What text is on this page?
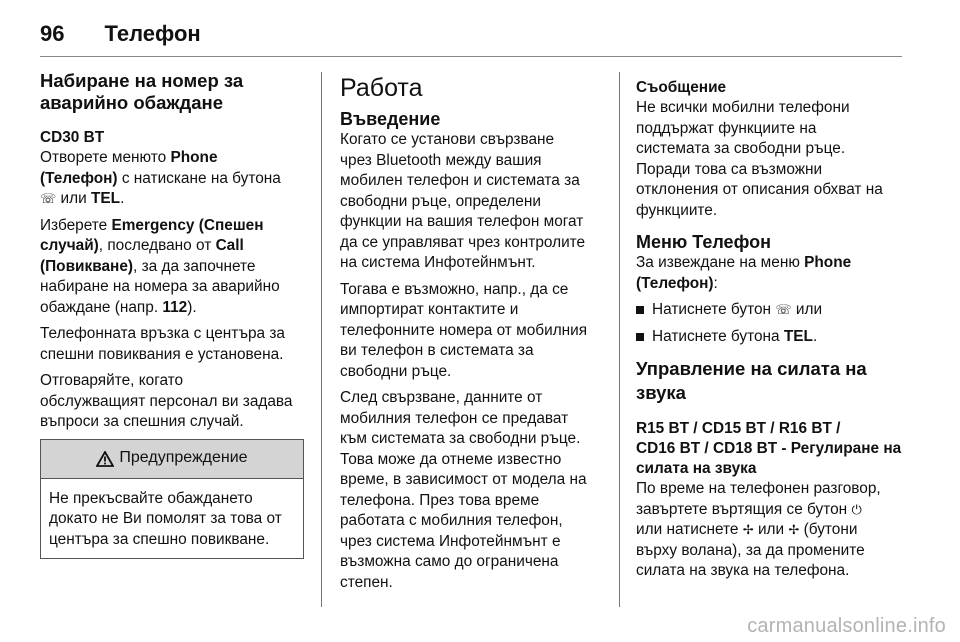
96 Телефон
Набиране на номер за
аварийно обаждане
CD30 BT

Отворете менюто Phone
(Телефон) с натискане на бутона
☏ или TEL.

Изберете Emergency (Спешен
случай), последвано от Call
(Повикване), за да започнете
набиране на номера за аварийно
обаждане (напр. 112).

Телефонната връзка с центъра за
спешни повиквания е установена.

Отговаряйте, когато
обслужващият персонал ви задава
въпроси за спешния случай.

Предупреждение
Не прекъсвайте обаждането
докато не Ви помолят за това от
центъра за спешно повикване.
Работа
Въведение

Когато се установи свързване
чрез Bluetooth между вашия
мобилен телефон и системата за
свободни ръце, определени
функции на вашия телефон могат
да се управляват чрез контролите
на система Инфотейнмънт.

Тогава е възможно, напр., да се
импортират контактите и
телефонните номера от мобилния
ви телефон в системата за
свободни ръце.

След свързване, данните от
мобилния телефон се предават
към системата за свободни ръце.
Това може да отнеме известно
време, в зависимост от модела на
телефона. През това време
работата с мобилния телефон,
чрез система Инфотейнмънт е
възможна само до ограничена
степен.

Съобщение

Не всички мобилни телефони
поддържат функциите на
системата за свободни ръце.
Поради това са възможни
отклонения от описания обхват на
функциите.

Меню Телефон

За извеждане на меню Phone
(Телефон):

Натиснете бутон ☏ или
Натиснете бутона TEL.
Управление на силата на
звука
R15 BT / CD15 BT / R16 BT /
CD16 BT / CD18 BT - Регулиране на
силата на звука

По време на телефонен разговор,
завъртете въртящия се бутон ⏻
или натиснете ✢ или ✢ (бутони
върху волана), за да промените
силата на звука на телефона.

carmanualsonline.info
